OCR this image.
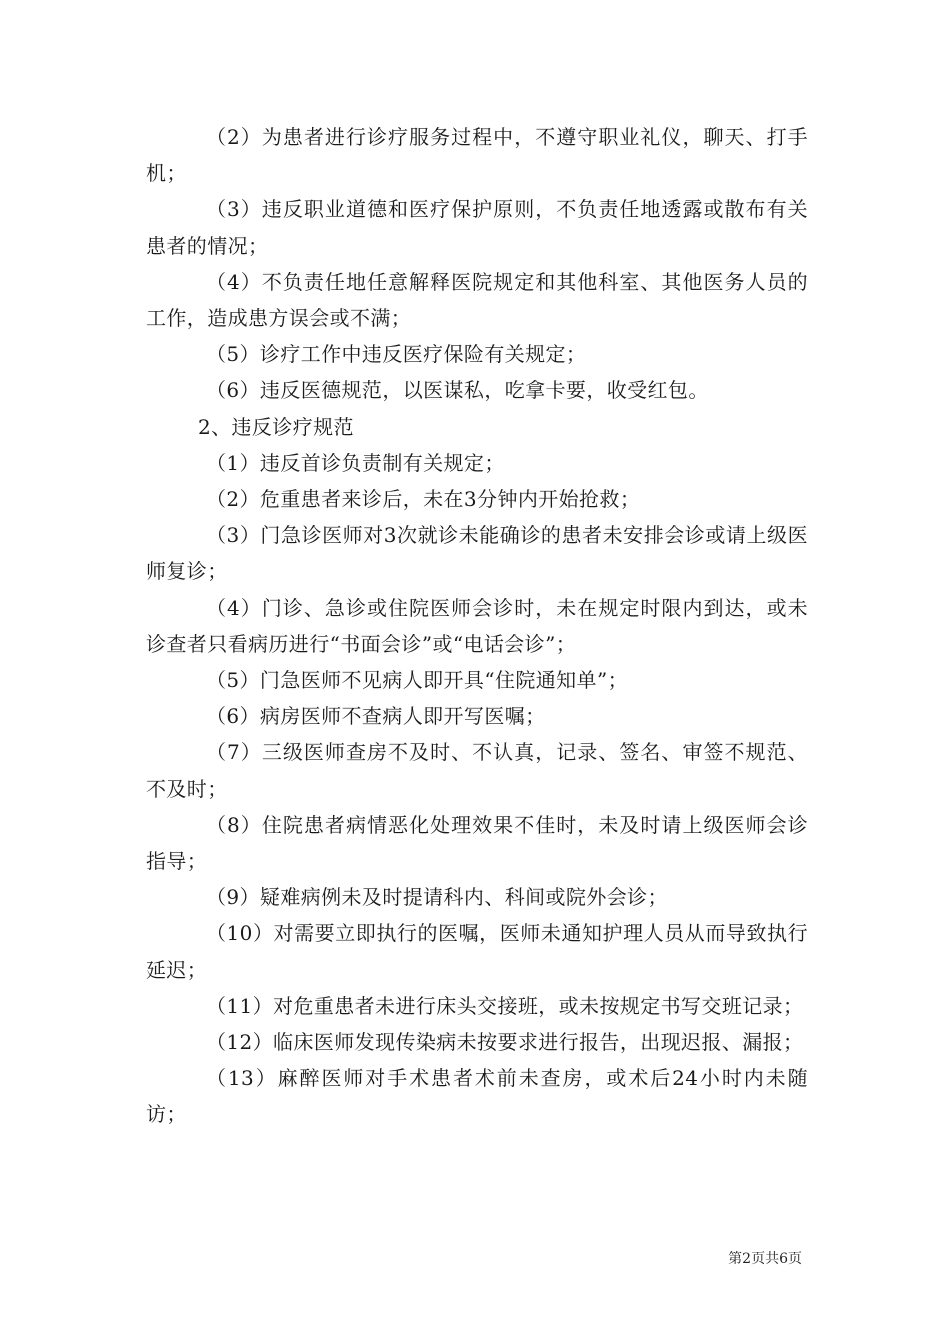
（2）为患者进行诊疗服务过程中，不遵守职业礼仪，聊天、打手机；

（3）违反职业道德和医疗保护原则，不负责任地透露或散布有关患者的情况；

（4）不负责任地任意解释医院规定和其他科室、其他医务人员的工作，造成患方误会或不满；

（5）诊疗工作中违反医疗保险有关规定；

（6）违反医德规范，以医谋私，吃拿卡要，收受红包。

2、违反诊疗规范

（1）违反首诊负责制有关规定；

（2）危重患者来诊后，未在3分钟内开始抢救；

（3）门急诊医师对3次就诊未能确诊的患者未安排会诊或请上级医师复诊；

（4）门诊、急诊或住院医师会诊时，未在规定时限内到达，或未诊查者只看病历进行“书面会诊”或“电话会诊”；

（5）门急医师不见病人即开具“住院通知单”；

（6）病房医师不查病人即开写医嘱；

（7）三级医师查房不及时、不认真，记录、签名、审签不规范、不及时；

（8）住院患者病情恶化处理效果不佳时，未及时请上级医师会诊指导；

（9）疑难病例未及时提请科内、科间或院外会诊；

（10）对需要立即执行的医嘱，医师未通知护理人员从而导致执行延迟；

（11）对危重患者未进行床头交接班，或未按规定书写交班记录；

（12）临床医师发现传染病未按要求进行报告，出现迟报、漏报；

（13）麻醉医师对手术患者术前未查房，或术后24小时内未随访；

第2页共6页
